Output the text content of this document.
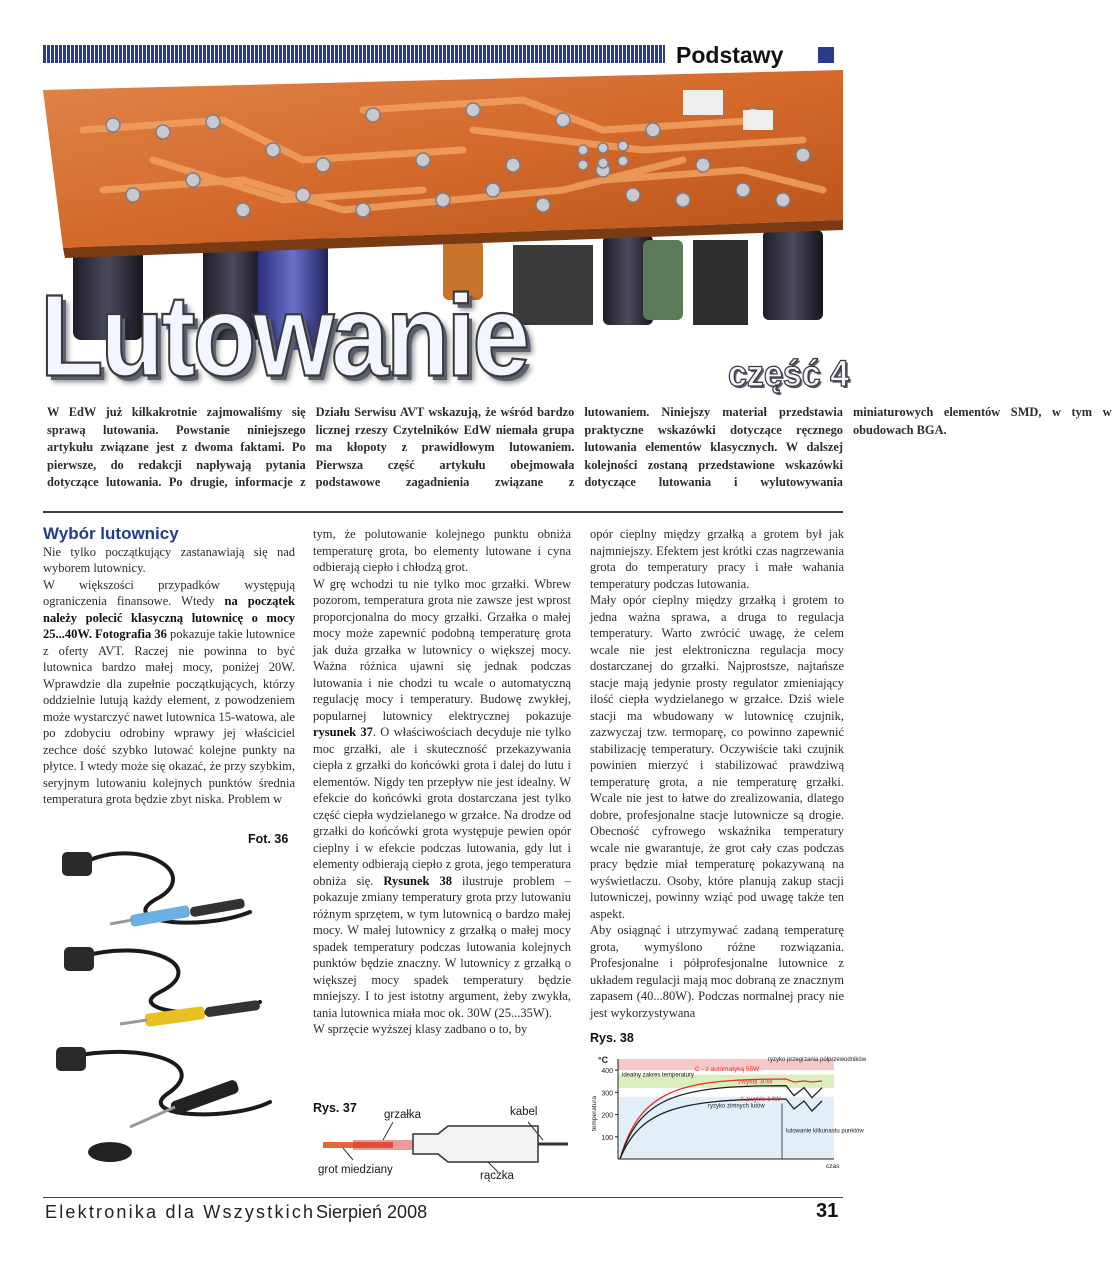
Podstawy
Lutowanie	część 4
W EdW już kilkakrotnie zajmowaliśmy się sprawą lutowania. Powstanie niniejszego artykułu związane jest z dwoma faktami. Po pierwsze, do redakcji napływają pytania dotyczące lutowania. Po drugie, informacje z Działu Serwisu AVT wskazują, że wśród bardzo licznej rzeszy Czytelników EdW niemała grupa ma kłopoty z prawidłowym lutowaniem. Pierwsza część artykułu obejmowała podstawowe zagadnienia związane z lutowaniem. Niniejszy materiał przedstawia praktyczne wskazówki dotyczące ręcznego lutowania elementów klasycznych. W dalszej kolejności zostaną przedstawione wskazówki dotyczące lutowania i wylutowywania miniaturowych elementów SMD, w tym w obudowach BGA.
Wybór lutownicy

Nie tylko początkujący zastanawiają się nad wyborem lutownicy.

W większości przypadków występują ograniczenia finansowe. Wtedy na początek należy polecić klasyczną lutownicę o mocy 25...40W. Fotografia 36 pokazuje takie lutownice z oferty AVT. Raczej nie powinna to być lutownica bardzo małej mocy, poniżej 20W. Wprawdzie dla zupełnie początkujących, którzy oddzielnie lutują każdy element, z powodzeniem może wystarczyć nawet lutownica 15-watowa, ale po zdobyciu odrobiny wprawy jej właściciel zechce dość szybko lutować kolejne punkty na płytce. I wtedy może się okazać, że przy szybkim, seryjnym lutowaniu kolejnych punktów średnia temperatura grota będzie zbyt niska. Problem w

Fot. 36

tym, że polutowanie kolejnego punktu obniża temperaturę grota, bo elementy lutowane i cyna odbierają ciepło i chłodzą grot.

W grę wchodzi tu nie tylko moc grzałki. Wbrew pozorom, temperatura grota nie zawsze jest wprost proporcjonalna do mocy grzałki. Grzałka o małej mocy może zapewnić podobną temperaturę grota jak duża grzałka w lutownicy o większej mocy. Ważna różnica ujawni się jednak podczas lutowania i nie chodzi tu wcale o automatyczną regulację mocy i temperatury. Budowę zwykłej, popularnej lutownicy elektrycznej pokazuje rysunek 37. O właściwościach decyduje nie tylko moc grzałki, ale i skuteczność przekazywania ciepła z grzałki do końcówki grota i dalej do lutu i elementów. Nigdy ten przepływ nie jest idealny. W efekcie do końcówki grota dostarczana jest tylko część ciepła wydzielanego w grzałce. Na drodze od grzałki do końcówki grota występuje pewien opór cieplny i w efekcie podczas lutowania, gdy lut i elementy odbierają ciepło z grota, jego temperatura obniża się. Rysunek 38 ilustruje problem – pokazuje zmiany temperatury grota przy lutowaniu różnym sprzętem, w tym lutownicą o bardzo małej mocy. W małej lutownicy z grzałką o małej mocy spadek temperatury podczas lutowania kolejnych punktów będzie znaczny. W lutownicy z grzałką o większej mocy spadek temperatury będzie mniejszy. I to jest istotny argument, żeby zwykła, tania lutownica miała moc ok. 30W (25...35W).

W sprzęcie wyższej klasy zadbano o to, by

Rys. 37 grzałka	kabel
grot miedziany	rączka

opór cieplny między grzałką a grotem był jak najmniejszy. Efektem jest krótki czas nagrzewania grota do temperatury pracy i małe wahania temperatury podczas lutowania.

Mały opór cieplny między grzałką i grotem to jedna ważna sprawa, a druga to regulacja temperatury. Warto zwrócić uwagę, że celem wcale nie jest elektroniczna regulacja mocy dostarczanej do grzałki. Najprostsze, najtańsze stacje mają jedynie prosty regulator zmieniający ilość ciepła wydzielanego w grzałce. Dziś wiele stacji ma wbudowany w lutownicę czujnik, zazwyczaj tzw. termoparę, co powinno zapewnić stabilizację temperatury. Oczywiście taki czujnik powinien mierzyć i stabilizować prawdziwą temperaturę grota, a nie temperaturę grzałki. Wcale nie jest to łatwe do zrealizowania, dlatego dobre, profesjonalne stacje lutownicze są drogie. Obecność cyfrowego wskaźnika temperatury wcale nie gwarantuje, że grot cały czas podczas pracy będzie miał temperaturę pokazywaną na wyświetlaczu. Osoby, które planują zakup stacji lutowniczej, powinny wziąć pod uwagę także ten aspekt.

Aby osiągnąć i utrzymywać zadaną temperaturę grota, wymyślono różne rozwiązania. Profesjonalne i półprofesjonalne lutownice z układem regulacji mają moc dobraną ze znacznym zapasem (40...80W). Podczas normalnej pracy nie jest wykorzystywana

Rys. 38
100
200
300
400
°C
temperatura
czas
C - z automatyką 55W
zwykła 30W
A zwykła 14W
ryzyko przegrzania półprzewodników
idealny zakres temperatury
ryzyko zimnych lutów
lutowanie kilkunastu punktów
Elektronika dla Wszystkich Sierpień 2008	31
